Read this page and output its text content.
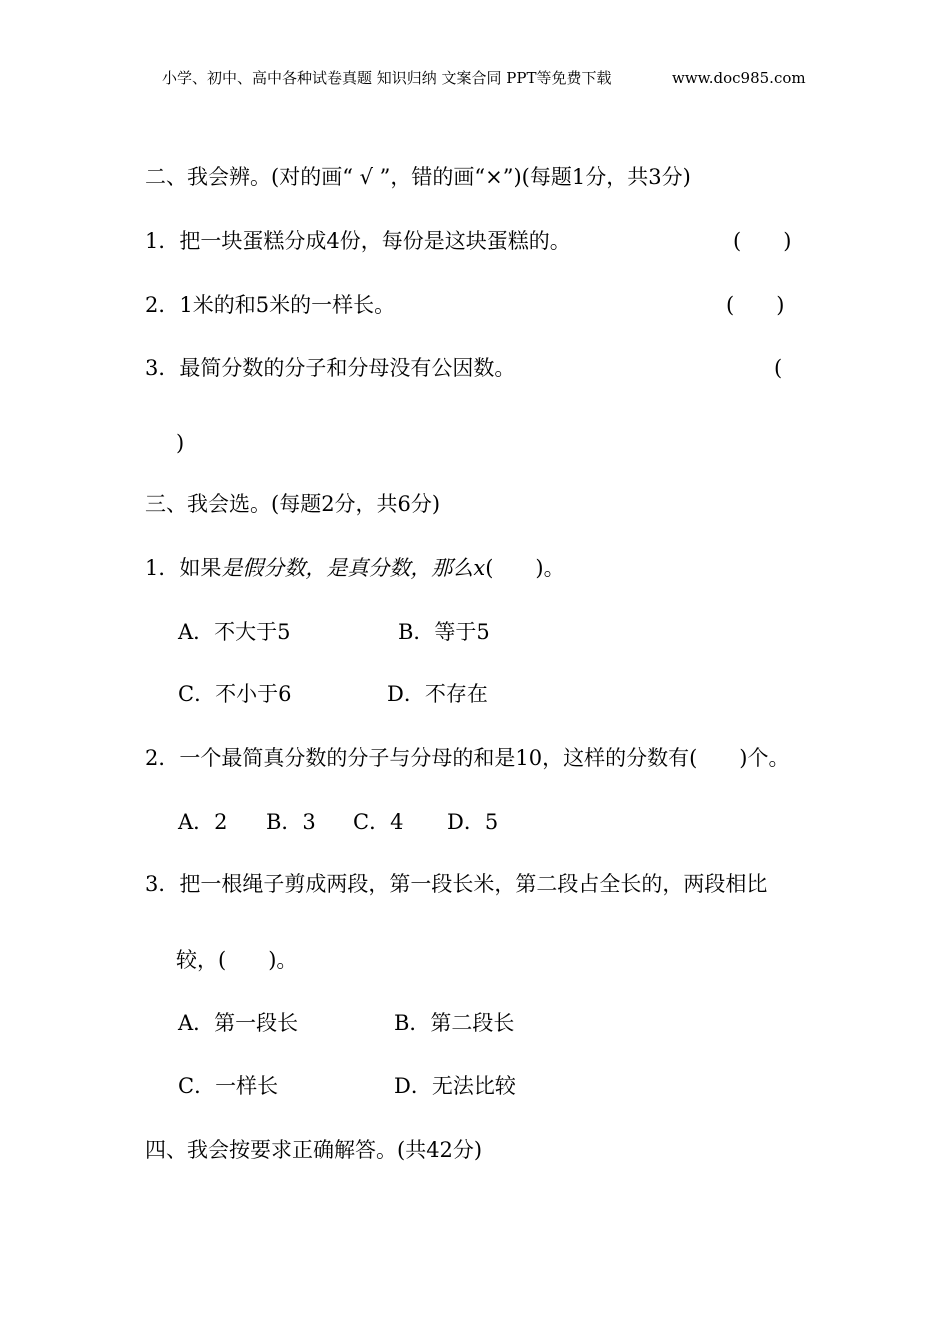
小学、初中、高中各种试卷真题 知识归纳 文案合同 PPT等免费下载	www.doc985.com
二、我会辨。(对的画“ √ ”，错的画“×”)(每题1分，共3分)
1．把一块蛋糕分成4份，每份是这块蛋糕的。	(　　)
2．1米的和5米的一样长。	(　　)
3．最简分数的分子和分母没有公因数。	(
)
三、我会选。(每题2分，共6分)
1．如果是假分数，是真分数，那么x(　　)。
A．不大于5	B．等于5
C．不小于6	D．不存在
2．一个最简真分数的分子与分母的和是10，这样的分数有(　　)个。
A．2 B．3 C．4 D．5
3．把一根绳子剪成两段，第一段长米，第二段占全长的，两段相比
较，(　　)。
A．第一段长	B．第二段长
C．一样长	D．无法比较
四、我会按要求正确解答。(共42分)
